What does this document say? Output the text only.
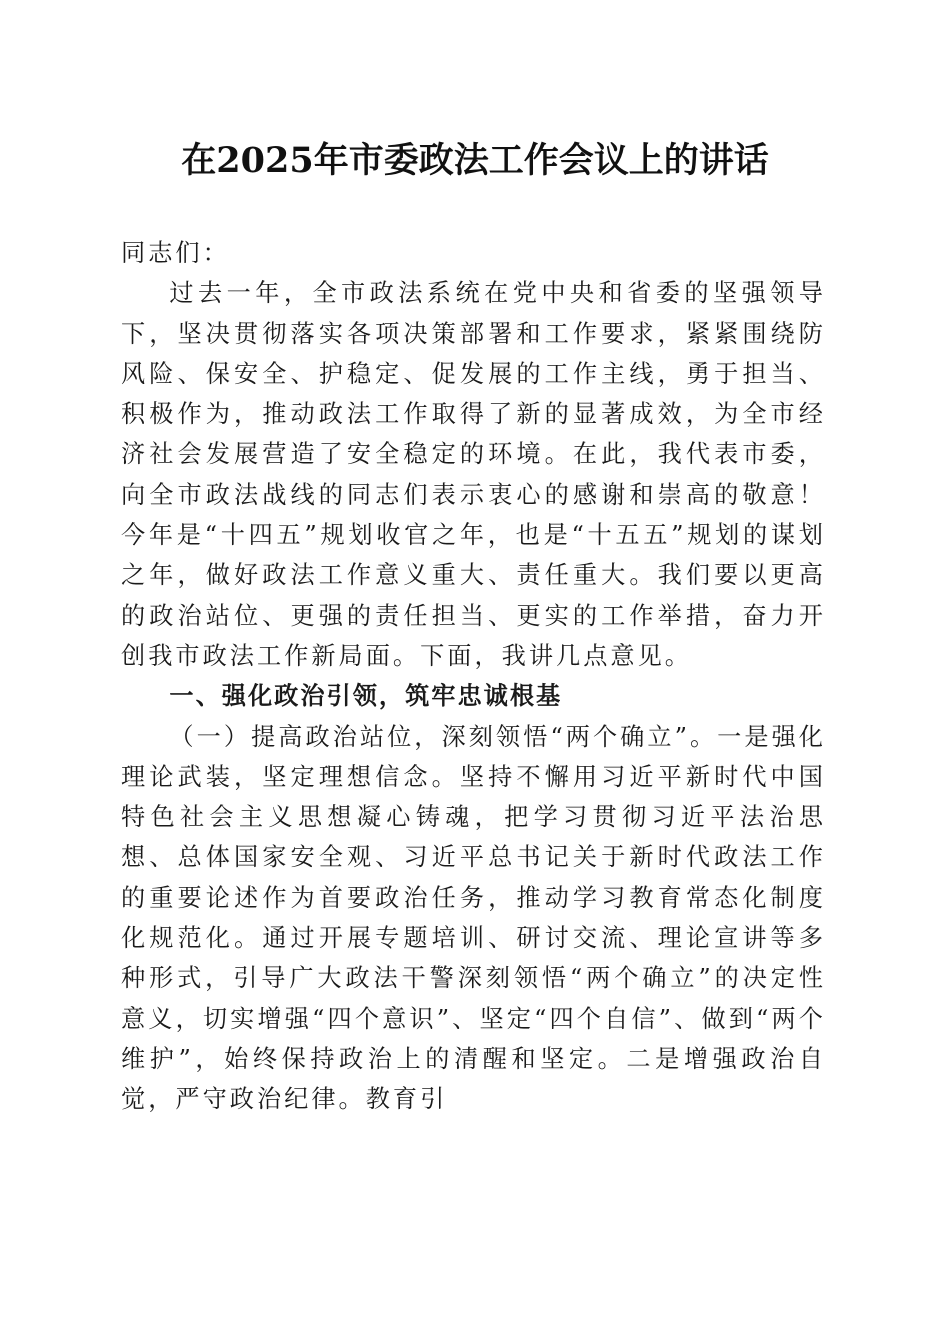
在2025年市委政法工作会议上的讲话

同志们：

过去一年，全市政法系统在党中央和省委的坚强领导下，坚决贯彻落实各项决策部署和工作要求，紧紧围绕防风险、保安全、护稳定、促发展的工作主线，勇于担当、积极作为，推动政法工作取得了新的显著成效，为全市经济社会发展营造了安全稳定的环境。在此，我代表市委，向全市政法战线的同志们表示衷心的感谢和崇高的敬意！今年是“十四五”规划收官之年，也是“十五五”规划的谋划之年，做好政法工作意义重大、责任重大。我们要以更高的政治站位、更强的责任担当、更实的工作举措，奋力开创我市政法工作新局面。下面，我讲几点意见。

一、强化政治引领，筑牢忠诚根基

（一）提高政治站位，深刻领悟“两个确立”。一是强化理论武装，坚定理想信念。坚持不懈用习近平新时代中国特色社会主义思想凝心铸魂，把学习贯彻习近平法治思想、总体国家安全观、习近平总书记关于新时代政法工作的重要论述作为首要政治任务，推动学习教育常态化制度化规范化。通过开展专题培训、研讨交流、理论宣讲等多种形式，引导广大政法干警深刻领悟“两个确立”的决定性意义，切实增强“四个意识”、坚定“四个自信”、做到“两个维护”，始终保持政治上的清醒和坚定。二是增强政治自觉，严守政治纪律。教育引
